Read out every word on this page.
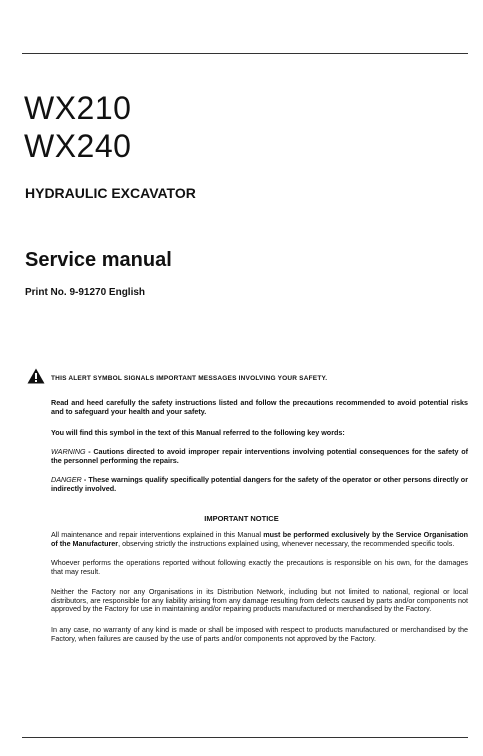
WX210
WX240
HYDRAULIC EXCAVATOR
Service manual
Print No. 9-91270 English
THIS ALERT SYMBOL SIGNALS IMPORTANT MESSAGES INVOLVING YOUR SAFETY.
Read and heed carefully the safety instructions listed and follow the precautions recommended to avoid potential risks and to safeguard your health and your safety.
You will find this symbol in the text of this Manual referred to the following key words:
WARNING - Cautions directed to avoid improper repair interventions involving potential consequences for the safety of the personnel performing the repairs.
DANGER - These warnings qualify specifically potential dangers for the safety of the operator or other persons directly or indirectly involved.
IMPORTANT NOTICE
All maintenance and repair interventions explained in this Manual must be performed exclusively by the Service Organisation of the Manufacturer, observing strictly the instructions explained using, whenever necessary, the recommended specific tools.
Whoever performs the operations reported without following exactly the precautions is responsible on his own, for the damages that may result.
Neither the Factory nor any Organisations in its Distribution Network, including but not limited to national, regional or local distributors, are responsible for any liability arising from any damage resulting from defects caused by parts and/or components not approved by the Factory for use in maintaining and/or repairing products manufactured or merchandised by the Factory.
In any case, no warranty of any kind is made or shall be imposed with respect to products manufactured or merchandised by the Factory, when failures are caused by the use of parts and/or components not approved by the Factory.
